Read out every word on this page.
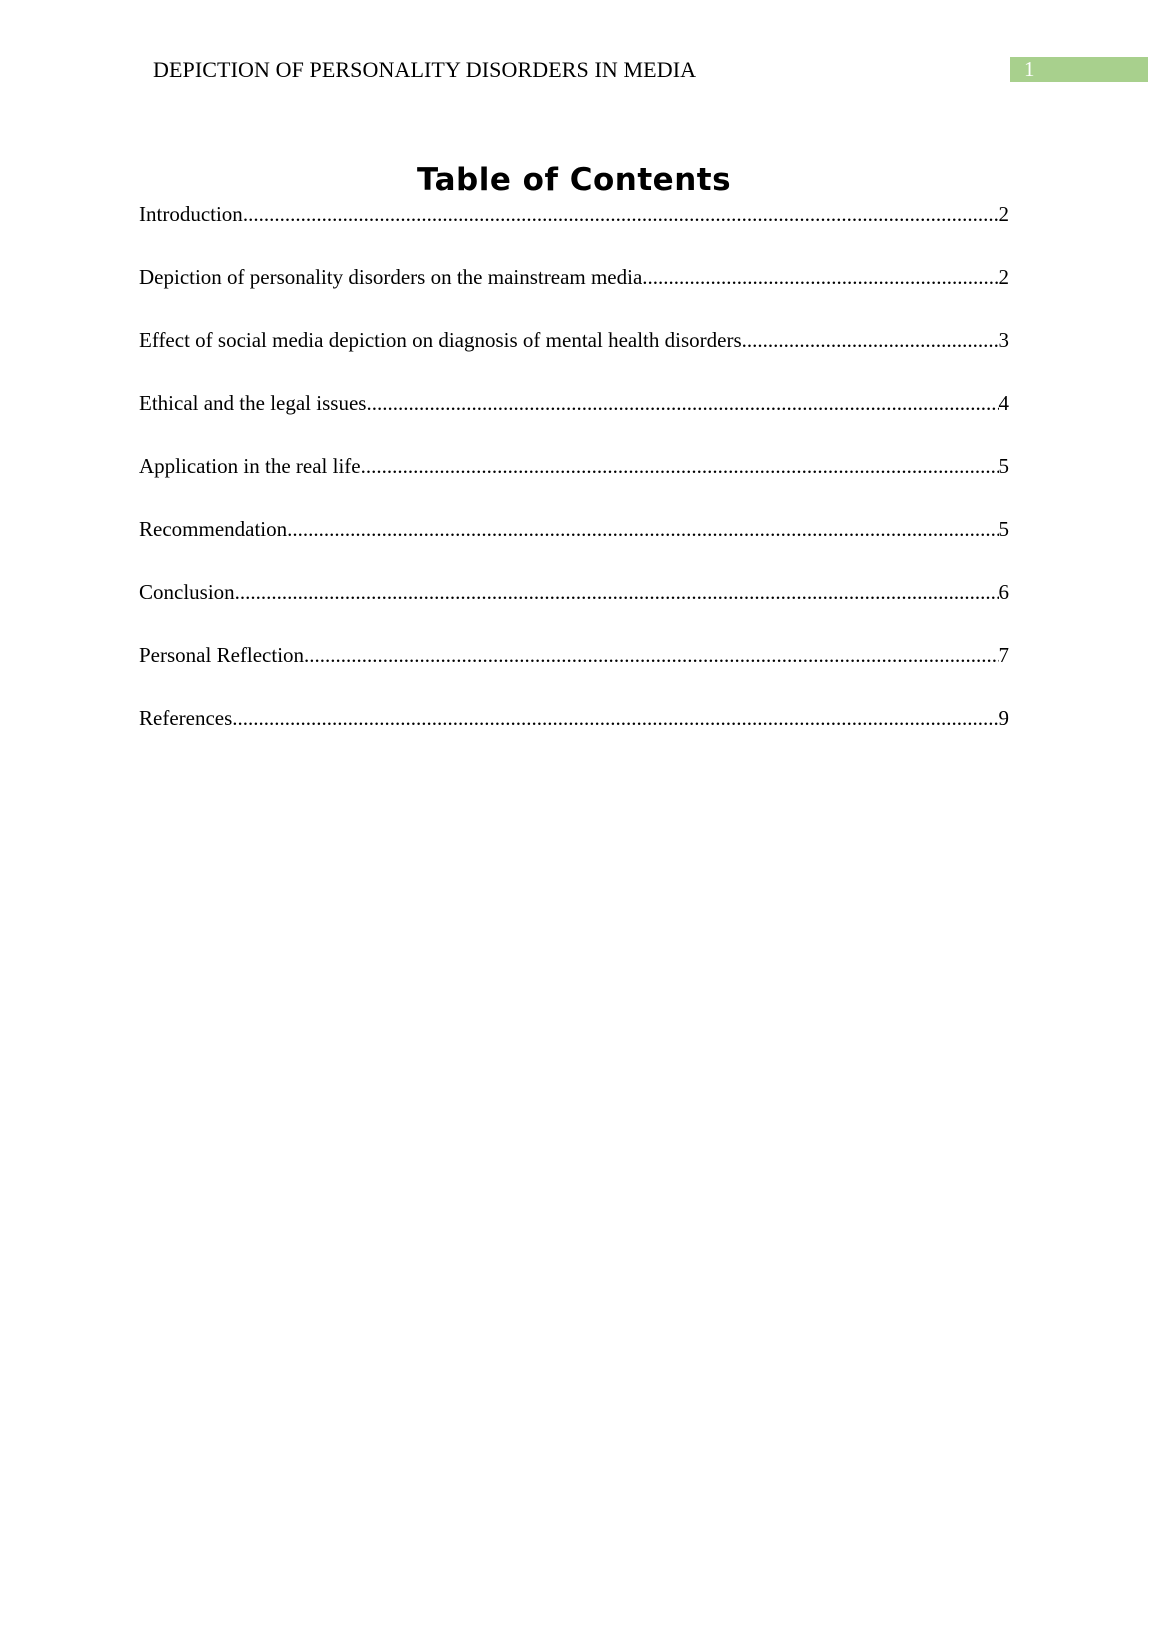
DEPICTION OF PERSONALITY DISORDERS IN MEDIA	1
Table of Contents
Introduction .....	2
Depiction of personality disorders on the mainstream media .....	2
Effect of social media depiction on diagnosis of mental health disorders .....	3
Ethical and the legal issues .....	4
Application in the real life .....	5
Recommendation .....	5
Conclusion .....	6
Personal Reflection .....	7
References .....	9
